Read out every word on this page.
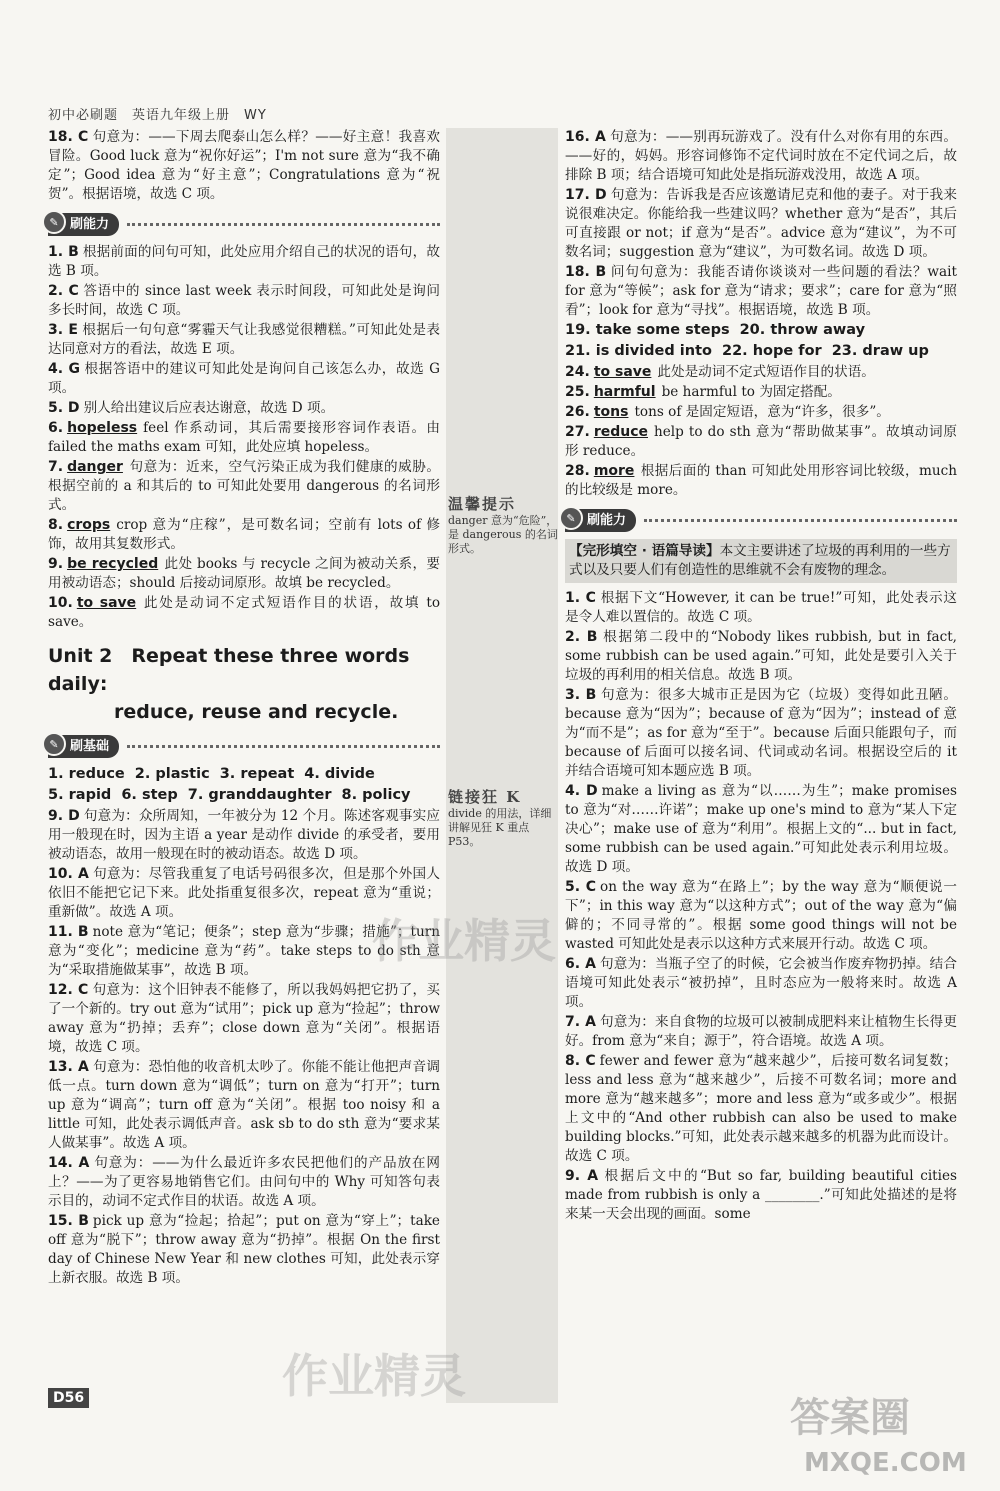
初中必刷题　英语九年级上册　WY
18. C 句意为：——下周去爬泰山怎么样？——好主意！我喜欢冒险。Good luck 意为“祝你好运”；I'm not sure 意为“我不确定”；Good idea 意为“好主意”；Congratulations 意为“祝贺”。根据语境，故选 C 项。
✎ 刷能力
1. B 根据前面的问句可知，此处应用介绍自己的状况的语句，故选 B 项。
2. C 答语中的 since last week 表示时间段，可知此处是询问多长时间，故选 C 项。
3. E 根据后一句句意“雾霾天气让我感觉很糟糕。”可知此处是表达同意对方的看法，故选 E 项。
4. G 根据答语中的建议可知此处是询问自己该怎么办，故选 G 项。
5. D 别人给出建议后应表达谢意，故选 D 项。
6. hopeless feel 作系动词，其后需要接形容词作表语。由 failed the maths exam 可知，此处应填 hopeless。
7. danger 句意为：近来，空气污染正成为我们健康的威胁。根据空前的 a 和其后的 to 可知此处要用 dangerous 的名词形式。
8. crops crop 意为“庄稼”，是可数名词；空前有 lots of 修饰，故用其复数形式。
9. be recycled 此处 books 与 recycle 之间为被动关系，要用被动语态；should 后接动词原形。故填 be recycled。
10. to save 此处是动词不定式短语作目的状语，故填 to save。
Unit 2　Repeat these three words daily:
reduce, reuse and recycle.
✎ 刷基础
1. reduce 2. plastic 3. repeat 4. divide
5. rapid 6. step 7. granddaughter 8. policy
9. D 句意为：众所周知，一年被分为 12 个月。陈述客观事实应用一般现在时，因为主语 a year 是动作 divide 的承受者，要用被动语态，故用一般现在时的被动语态。故选 D 项。
10. A 句意为：尽管我重复了电话号码很多次，但是那个外国人依旧不能把它记下来。此处指重复很多次，repeat 意为“重说；重新做”。故选 A 项。
11. B note 意为“笔记；便条”；step 意为“步骤；措施”；turn 意为“变化”；medicine 意为“药”。take steps to do sth 意为“采取措施做某事”，故选 B 项。
12. C 句意为：这个旧钟表不能修了，所以我妈妈把它扔了，买了一个新的。try out 意为“试用”；pick up 意为“捡起”；throw away 意为“扔掉；丢弃”；close down 意为“关闭”。根据语境，故选 C 项。
13. A 句意为：恐怕他的收音机太吵了。你能不能让他把声音调低一点。turn down 意为“调低”；turn on 意为“打开”；turn up 意为“调高”；turn off 意为“关闭”。根据 too noisy 和 a little 可知，此处表示调低声音。ask sb to do sth 意为“要求某人做某事”。故选 A 项。
14. A 句意为：——为什么最近许多农民把他们的产品放在网上？——为了更容易地销售它们。由问句中的 Why 可知答句表示目的，动词不定式作目的状语。故选 A 项。
15. B pick up 意为“捡起；拾起”；put on 意为“穿上”；take off 意为“脱下”；throw away 意为“扔掉”。根据 On the first day of Chinese New Year 和 new clothes 可知，此处表示穿上新衣服。故选 B 项。
温馨提示
danger 意为“危险”，是 dangerous 的名词形式。
链接狂 K
divide 的用法，详细讲解见狂 K 重点 P53。
16. A 句意为：——别再玩游戏了。没有什么对你有用的东西。——好的，妈妈。形容词修饰不定代词时放在不定代词之后，故排除 B 项；结合语境可知此处是指玩游戏没用，故选 A 项。
17. D 句意为：告诉我是否应该邀请尼克和他的妻子。对于我来说很难决定。你能给我一些建议吗？whether 意为“是否”，其后可直接跟 or not；if 意为“是否”。advice 意为“建议”，为不可数名词；suggestion 意为“建议”，为可数名词。故选 D 项。
18. B 问句句意为：我能否请你谈谈对一些问题的看法？wait for 意为“等候”；ask for 意为“请求；要求”；care for 意为“照看”；look for 意为“寻找”。根据语境，故选 B 项。
19. take some steps 20. throw away
21. is divided into 22. hope for 23. draw up
24. to save 此处是动词不定式短语作目的状语。
25. harmful be harmful to 为固定搭配。
26. tons tons of 是固定短语，意为“许多，很多”。
27. reduce help to do sth 意为“帮助做某事”。故填动词原形 reduce。
28. more 根据后面的 than 可知此处用形容词比较级，much 的比较级是 more。
✎ 刷能力
【完形填空 · 语篇导读】本文主要讲述了垃圾的再利用的一些方式以及只要人们有创造性的思维就不会有废物的理念。
1. C 根据下文“However, it can be true!”可知，此处表示这是令人难以置信的。故选 C 项。
2. B 根据第二段中的“Nobody likes rubbish, but in fact, some rubbish can be used again.”可知，此处是要引入关于垃圾的再利用的相关信息。故选 B 项。
3. B 句意为：很多大城市正是因为它（垃圾）变得如此丑陋。because 意为“因为”；because of 意为“因为”；instead of 意为“而不是”；as for 意为“至于”。because 后面只能跟句子，而 because of 后面可以接名词、代词或动名词。根据设空后的 it 并结合语境可知本题应选 B 项。
4. D make a living as 意为“以……为生”；make promises to 意为“对……许诺”；make up one's mind to 意为“某人下定决心”；make use of 意为“利用”。根据上文的“... but in fact, some rubbish can be used again.”可知此处表示利用垃圾。故选 D 项。
5. C on the way 意为“在路上”；by the way 意为“顺便说一下”；in this way 意为“以这种方式”；out of the way 意为“偏僻的；不同寻常的”。根据 some good things will not be wasted 可知此处是表示以这种方式来展开行动。故选 C 项。
6. A 句意为：当瓶子空了的时候，它会被当作废弃物扔掉。结合语境可知此处表示“被扔掉”，且时态应为一般将来时。故选 A 项。
7. A 句意为：来自食物的垃圾可以被制成肥料来让植物生长得更好。from 意为“来自；源于”，符合语境。故选 A 项。
8. C fewer and fewer 意为“越来越少”，后接可数名词复数；less and less 意为“越来越少”，后接不可数名词；more and more 意为“越来越多”；more and less 意为“或多或少”。根据上文中的“And other rubbish can also be used to make building blocks.”可知，此处表示越来越多的机器为此而设计。故选 C 项。
9. A 根据后文中的“But so far, building beautiful cities made from rubbish is only a ________.”可知此处描述的是将来某一天会出现的画面。some
D56
作业精灵
作业精灵
答案圈
MXQE.COM
